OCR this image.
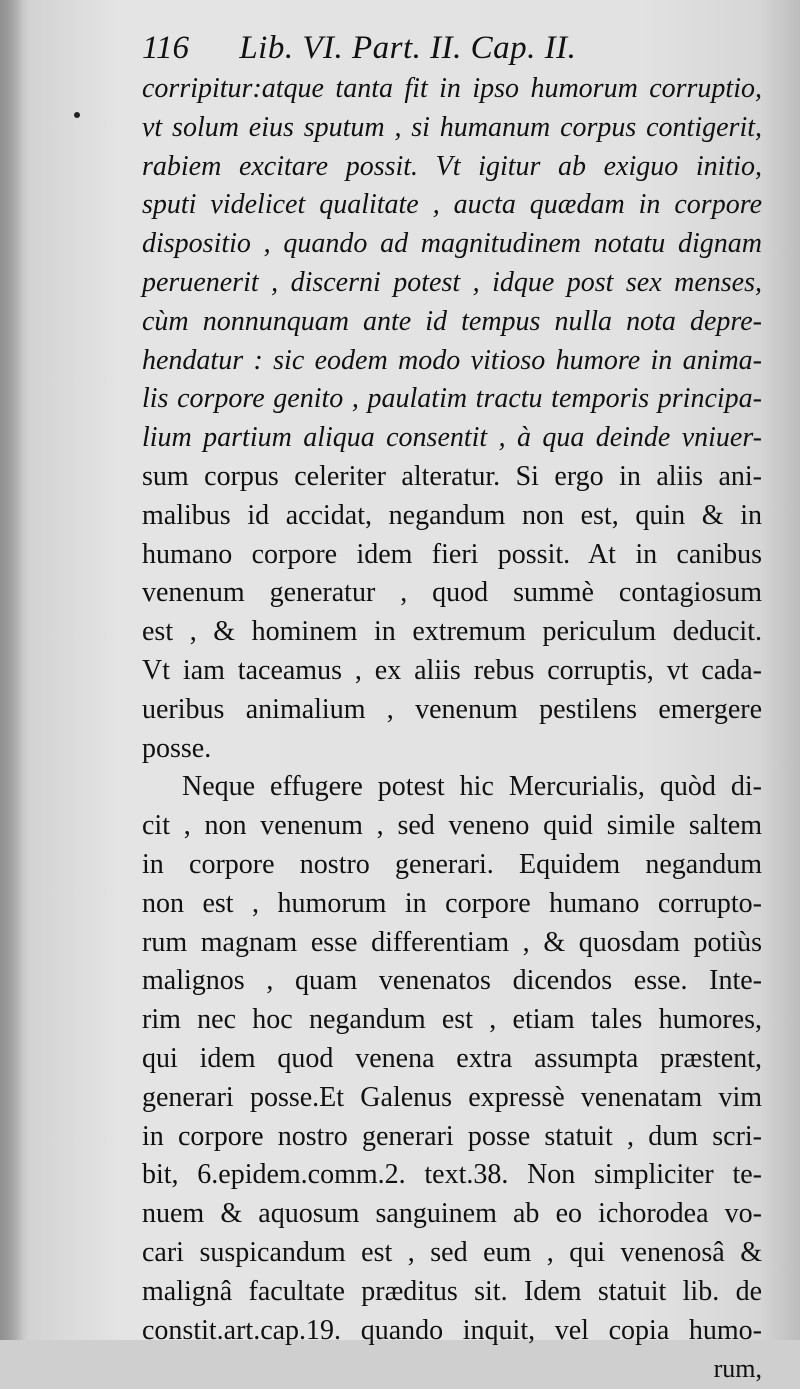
116 Lib. VI. Part. II. Cap. II.
corripitur:atque tanta fit in ipso humorum corruptio,
vt solum eius sputum , si humanum corpus contigerit,
rabiem excitare possit. Vt igitur ab exiguo initio,
sputi videlicet qualitate , aucta quædam in corpore
dispositio , quando ad magnitudinem notatu dignam
peruenerit , discerni potest , idque post sex menses,
cùm nonnunquam ante id tempus nulla nota depre-
hendatur : sic eodem modo vitioso humore in anima-
lis corpore genito , paulatim tractu temporis principa-
lium partium aliqua consentit , à qua deinde vniuer-
sum corpus celeriter alteratur. Si ergo in aliis ani-
malibus id accidat, negandum non est, quin & in
humano corpore idem fieri possit. At in canibus
venenum generatur , quod summè contagiosum
est , & hominem in extremum periculum deducit.
Vt iam taceamus , ex aliis rebus corruptis, vt cada-
ueribus animalium , venenum pestilens emergere
posse.
Neque effugere potest hic Mercurialis, quòd di-
cit , non venenum , sed veneno quid simile saltem
in corpore nostro generari. Equidem negandum
non est , humorum in corpore humano corrupto-
rum magnam esse differentiam , & quosdam potiùs
malignos , quam venenatos dicendos esse. Inte-
rim nec hoc negandum est , etiam tales humores,
qui idem quod venena extra assumpta præstent,
generari posse.Et Galenus expressè venenatam vim
in corpore nostro generari posse statuit , dum scri-
bit, 6.epidem.comm.2. text.38. Non simpliciter te-
nuem & aquosum sanguinem ab eo ichorodea vo-
cari suspicandum est , sed eum , qui venenosâ &
malignâ facultate præditus sit. Idem statuit lib. de
constit.art.cap.19. quando inquit, vel copia humo-
rum,
